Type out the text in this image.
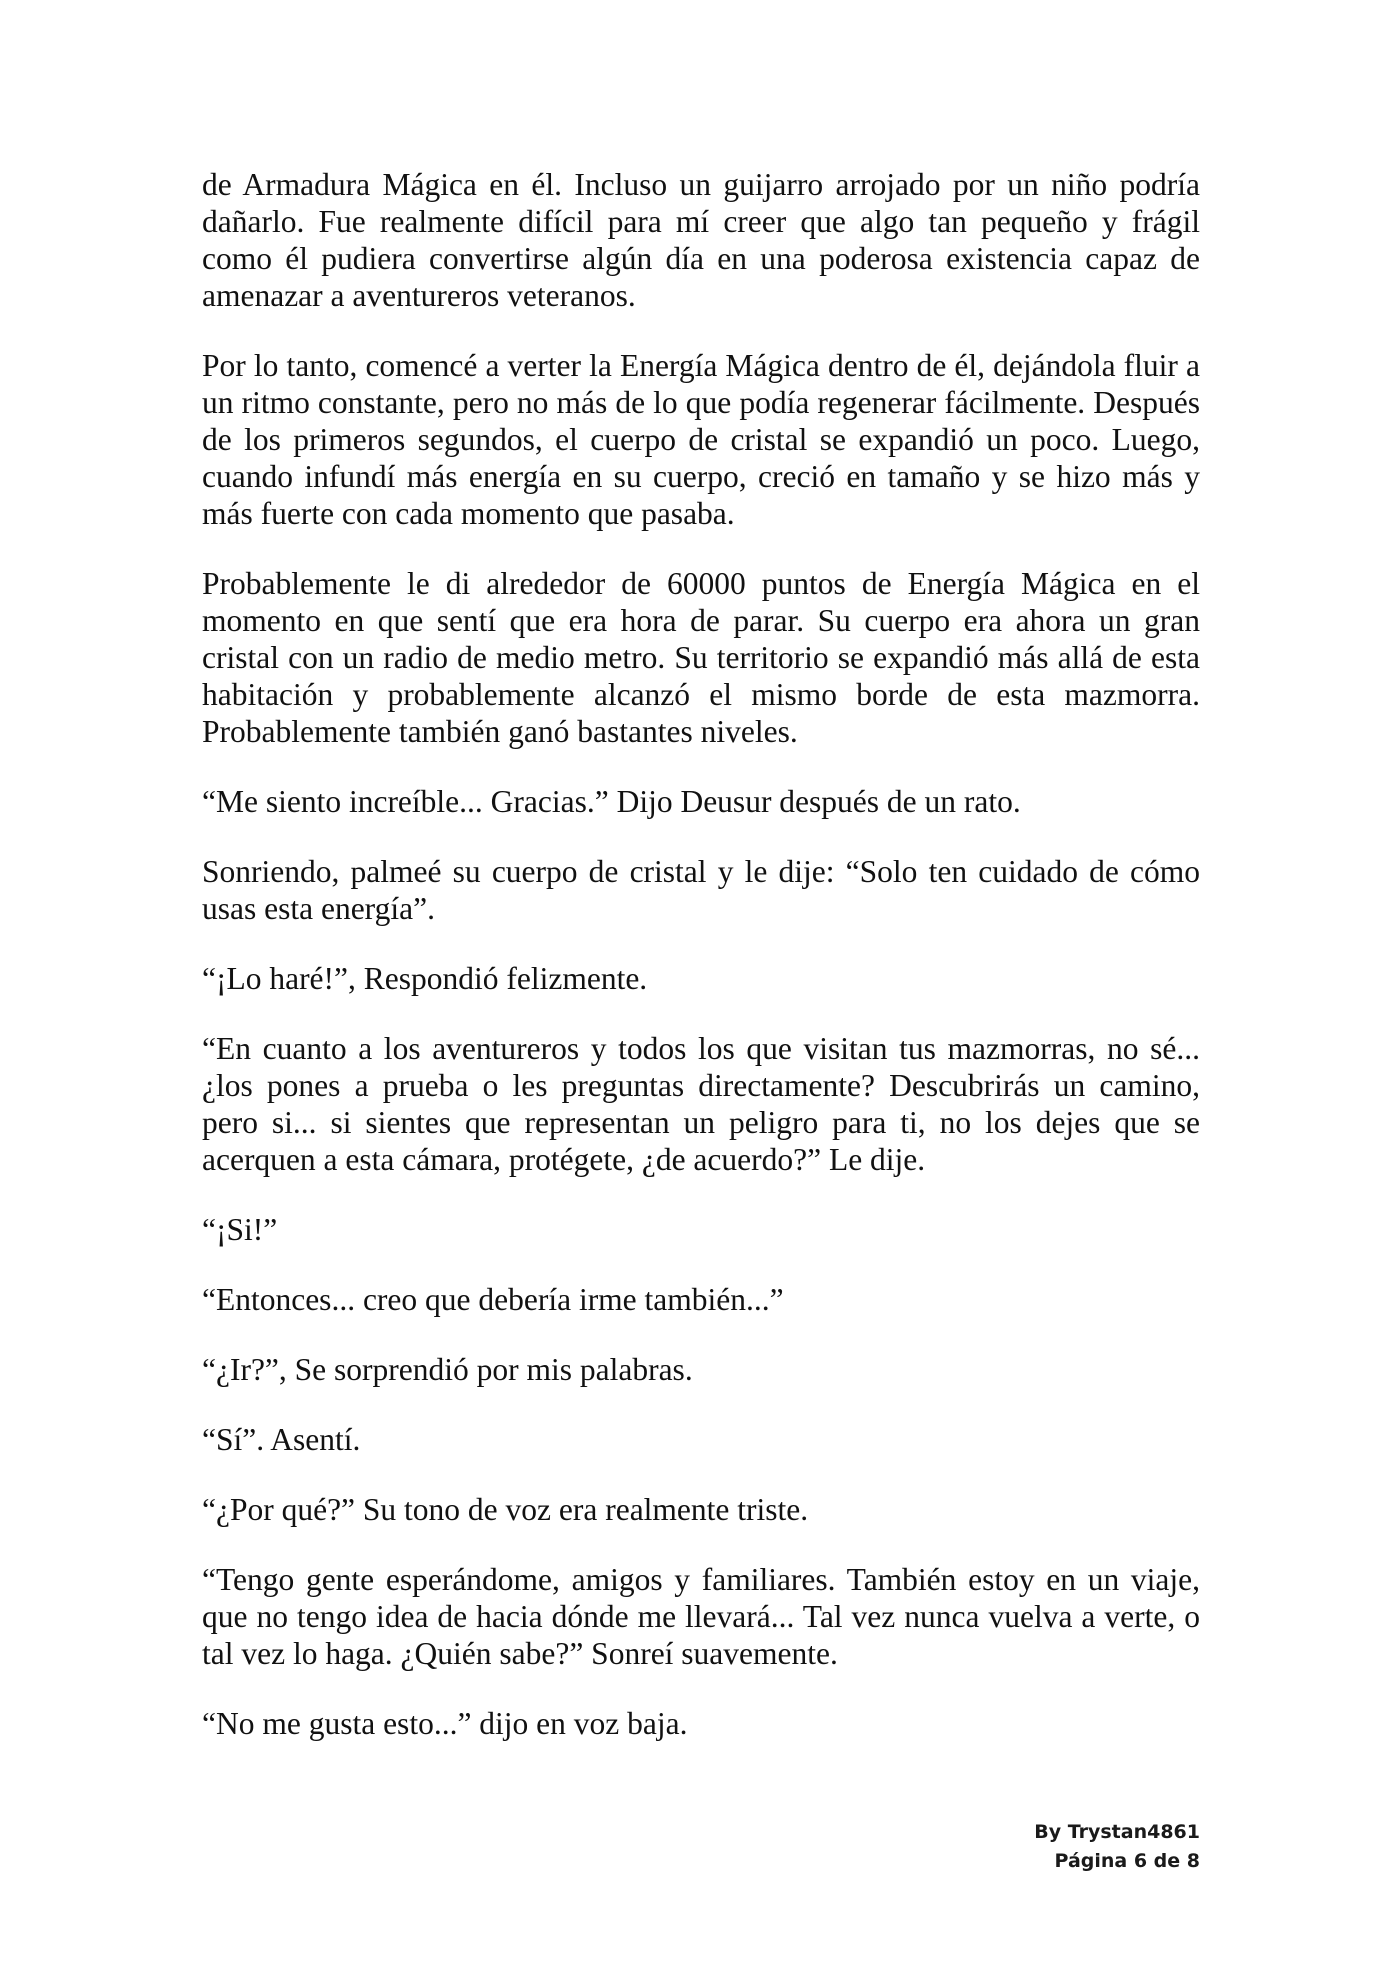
de Armadura Mágica en él. Incluso un guijarro arrojado por un niño podría dañarlo. Fue realmente difícil para mí creer que algo tan pequeño y frágil como él pudiera convertirse algún día en una poderosa existencia capaz de amenazar a aventureros veteranos.

Por lo tanto, comencé a verter la Energía Mágica dentro de él, dejándola fluir a un ritmo constante, pero no más de lo que podía regenerar fácilmente. Después de los primeros segundos, el cuerpo de cristal se expandió un poco. Luego, cuando infundí más energía en su cuerpo, creció en tamaño y se hizo más y más fuerte con cada momento que pasaba.

Probablemente le di alrededor de 60000 puntos de Energía Mágica en el momento en que sentí que era hora de parar. Su cuerpo era ahora un gran cristal con un radio de medio metro. Su territorio se expandió más allá de esta habitación y probablemente alcanzó el mismo borde de esta mazmorra. Probablemente también ganó bastantes niveles.

“Me siento increíble... Gracias.” Dijo Deusur después de un rato.

Sonriendo, palmeé su cuerpo de cristal y le dije: “Solo ten cuidado de cómo usas esta energía”.

“¡Lo haré!”, Respondió felizmente.

“En cuanto a los aventureros y todos los que visitan tus mazmorras, no sé... ¿los pones a prueba o les preguntas directamente? Descubrirás un camino, pero si... si sientes que representan un peligro para ti, no los dejes que se acerquen a esta cámara, protégete, ¿de acuerdo?” Le dije.

“¡Si!”

“Entonces... creo que debería irme también...”

“¿Ir?”, Se sorprendió por mis palabras.

“Sí”. Asentí.

“¿Por qué?” Su tono de voz era realmente triste.

“Tengo gente esperándome, amigos y familiares. También estoy en un viaje, que no tengo idea de hacia dónde me llevará... Tal vez nunca vuelva a verte, o tal vez lo haga. ¿Quién sabe?” Sonreí suavemente.

“No me gusta esto...” dijo en voz baja.

By Trystan4861
Página 6 de 8
